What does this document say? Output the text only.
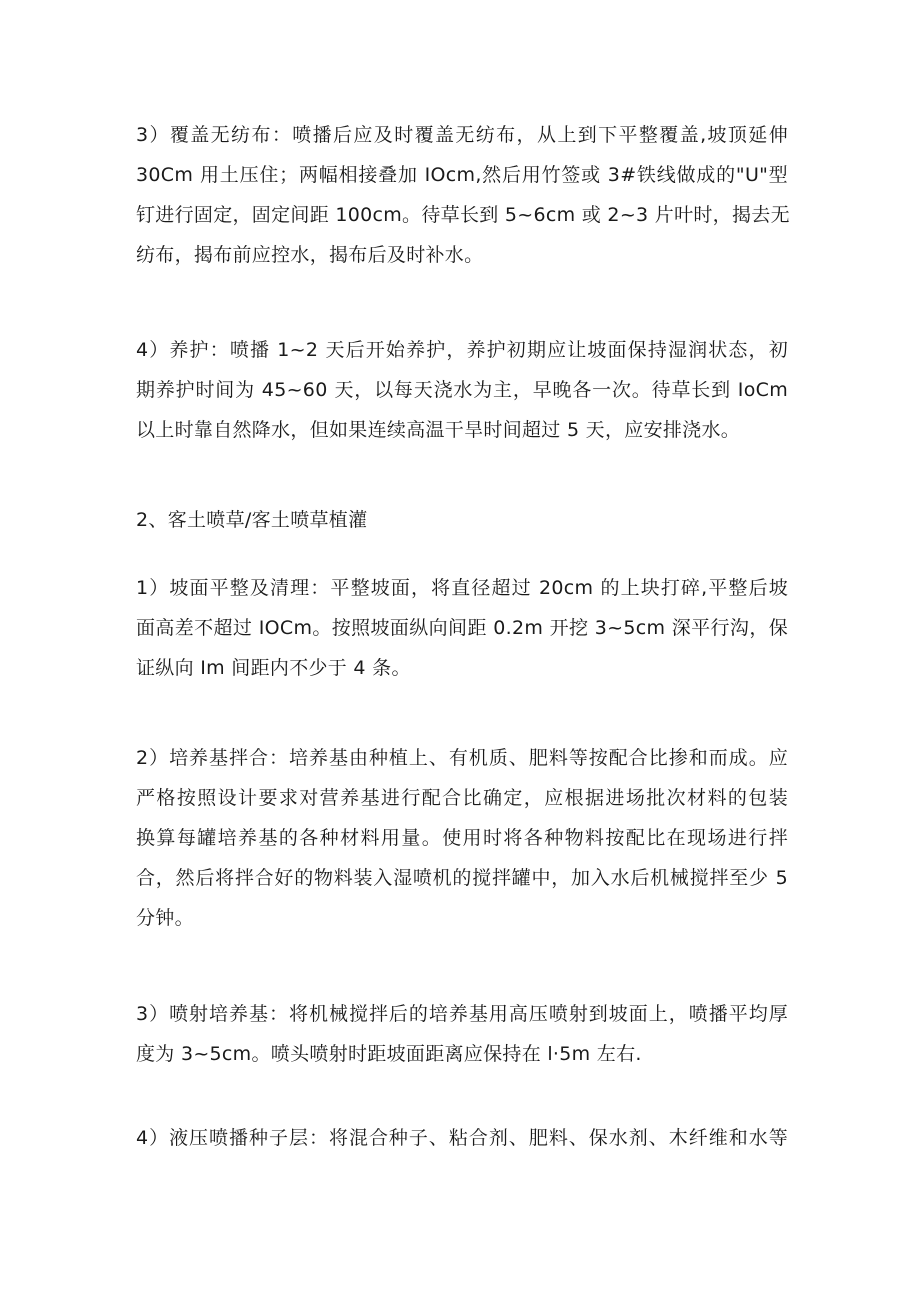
3）覆盖无纺布：喷播后应及时覆盖无纺布，从上到下平整覆盖,坡顶延伸
30Cm 用土压住；两幅相接叠加 IOcm,然后用竹签或 3#铁线做成的"U"型
钉进行固定，固定间距 100cm。待草长到 5~6cm 或 2~3 片叶时，揭去无
纺布，揭布前应控水，揭布后及时补水。
4）养护：喷播 1~2 天后开始养护，养护初期应让坡面保持湿润状态，初
期养护时间为 45~60 天，以每天浇水为主，早晚各一次。待草长到 IoCm
以上时靠自然降水，但如果连续高温干旱时间超过 5 天，应安排浇水。
2、客土喷草/客土喷草植灌
1）坡面平整及清理：平整坡面，将直径超过 20cm 的上块打碎,平整后坡
面高差不超过 IOCm。按照坡面纵向间距 0.2m 开挖 3~5cm 深平行沟，保
证纵向 Im 间距内不少于 4 条。
2）培养基拌合：培养基由种植上、有机质、肥料等按配合比掺和而成。应
严格按照设计要求对营养基进行配合比确定，应根据进场批次材料的包装
换算每罐培养基的各种材料用量。使用时将各种物料按配比在现场进行拌
合，然后将拌合好的物料装入湿喷机的搅拌罐中，加入水后机械搅拌至少 5
分钟。
3）喷射培养基：将机械搅拌后的培养基用高压喷射到坡面上，喷播平均厚
度为 3~5cm。喷头喷射时距坡面距离应保持在 l·5m 左右.
4）液压喷播种子层：将混合种子、粘合剂、肥料、保水剂、木纤维和水等
